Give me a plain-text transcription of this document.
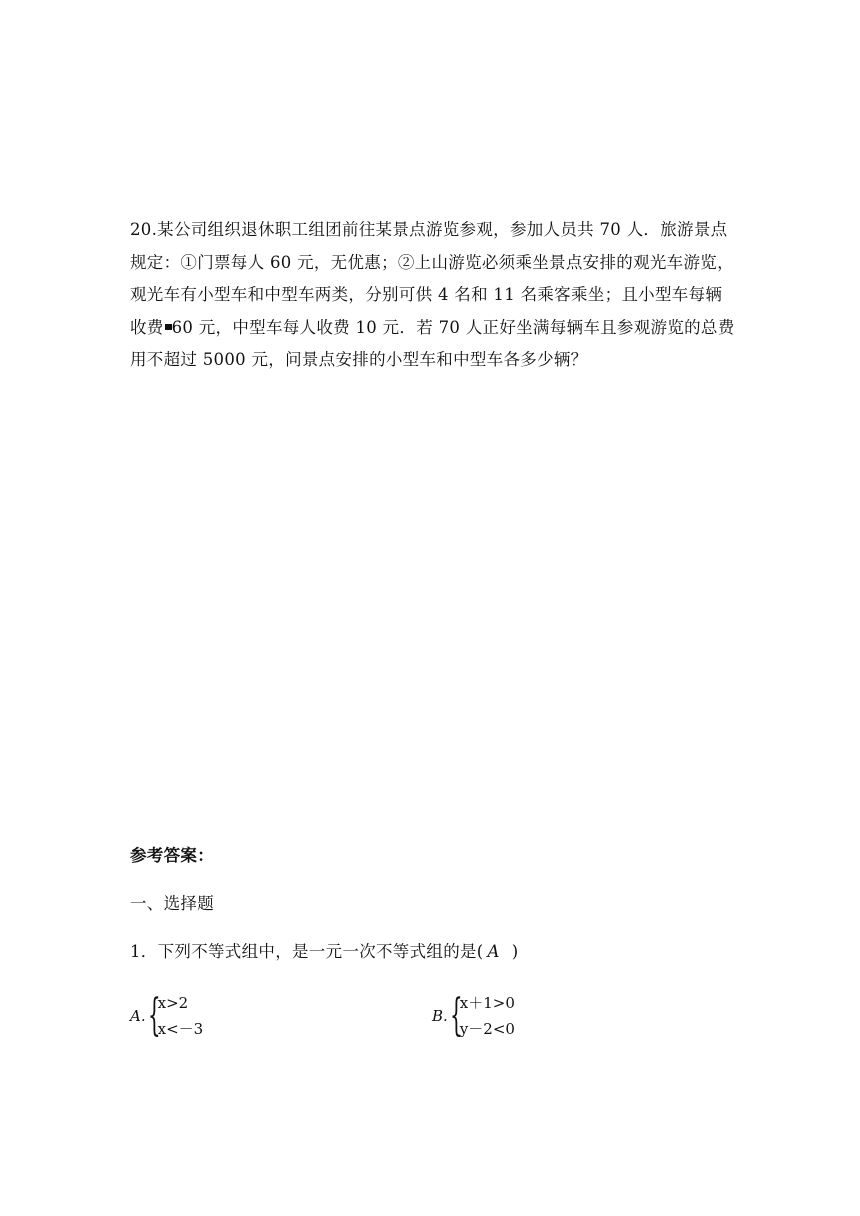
20.某公司组织退休职工组团前往某景点游览参观，参加人员共 70 人．旅游景点

规定：①门票每人 60 元，无优惠；②上山游览必须乘坐景点安排的观光车游览，

观光车有小型车和中型车两类，分别可供 4 名和 11 名乘客乘坐；且小型车每辆

收费 60 元，中型车每人收费 10 元．若 70 人正好坐满每辆车且参观游览的总费

用不超过 5000 元，问景点安排的小型车和中型车各多少辆？

参考答案：
一、选择题
1．下列不等式组中，是一元一次不等式组的是( A )
A. {
x>2
x<－3
B. {
x＋1>0
y－2<0
